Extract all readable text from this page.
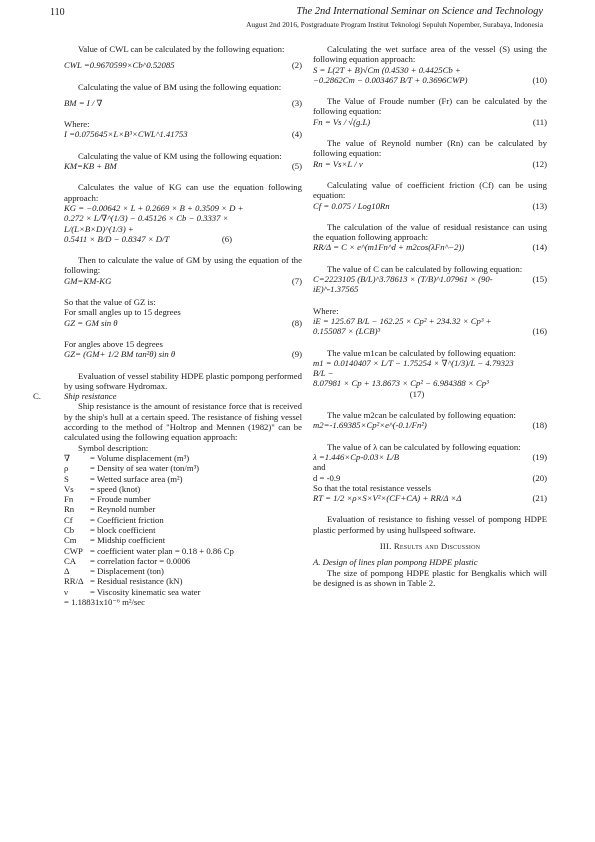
110	The 2nd International Seminar on Science and Technology
August 2nd 2016, Postgraduate Program Institut Teknologi Sepuluh Nopember, Surabaya, Indonesia

Value of CWL can be calculated by the following equation:

CWL =0.9670599×Cb^0.52085	(2)

Calculating the value of BM using the following equation:

BM = I / ∇	(3)

Where:

I =0.075645×L×B³×CWL^1.41753	(4)

Calculating the value of KM using the following equation:

KM=KB + BM	(5)

Calculates the value of KG can use the equation following approach:

KG = −0.00642 × L + 0.2669 × B + 0.3509 × D +
0.272 × L/∇^(1/3) − 0.45126 × Cb − 0.3337 × L/(L×B×D)^(1/3) +
0.5411 × B/D − 0.8347 × D/T	(6)

Then to calculate the value of GM by using the equation of the following:

GM=KM-KG	(7)

So that the value of GZ is:

For small angles up to 15 degrees

GZ = GM sin θ	(8)

For angles above 15 degrees

GZ= (GM+ 1/2 BM tan²θ) sin θ	(9)

Evaluation of vessel stability HDPE plastic pompong performed by using software Hydromax.

C.	Ship resistance

Ship resistance is the amount of resistance force that is received by the ship's hull at a certain speed. The resistance of fishing vessel according to the method of "Holtrop and Mennen (1982)" can be calculated using the following equation approach:

Symbol description:

∇	= Volume displacement (m³)
ρ	= Density of sea water (ton/m³)
S	= Wetted surface area (m²)
Vs	= speed (knot)
Fn	= Froude number
Rn	= Reynold number
Cf	= Coefficient friction
Cb	= block coefficient
Cm	= Midship coefficient
CWP = coefficient water plan = 0.18 + 0.86 Cp
CA	= correlation factor = 0.0006
Δ	= Displacement (ton)
RR/Δ = Residual resistance (kN)
ν	= Viscosity kinematic sea water
= 1.18831x10⁻⁶ m²/sec

Calculating the wet surface area of the vessel (S) using the following equation approach:

S = L(2T + B)√Cm (0.4530 + 0.4425Cb +
−0.2862Cm − 0.003467 B/T + 0.3696CWP)	(10)

The Value of Froude number (Fr) can be calculated by the following equation:

Fn = Vs / √(g.L)	(11)

The value of Reynold number (Rn) can be calculated by following equation:

Rn = Vs×L / ν	(12)

Calculating value of coefficient friction (Cf) can be using equation:

Cf = 0.075 / Log10Rn	(13)

The calculation of the value of residual resistance can using the equation following approach:

RR/Δ = C × e^(m1Fn^d + m2cos(λFn^−2))	(14)

The value of C can be calculated by following equation:

C=2223105 (B/L)^3.78613 × (T/B)^1.07961 × (90-iE)^-1.37565
(15)

Where:

iE = 125.67 B/L − 162.25 × Cp² + 234.32 × Cp³ +
0.155087 × (LCB)³	(16)

The value m1can be calculated by following equation:

m1 = 0.0140407 × L/T − 1.75254 × ∇^(1/3)/L − 4.79323 B/L −
8.07981 × Cp + 13.8673 × Cp² − 6.984388 × Cp³
(17)

The value m2can be calculated by following equation:

m2=-1.69385×Cp²×e^(-0.1/Fn²)	(18)

The value of λ can be calculated by following equation:

λ =1.446×Cp-0.03× L/B	(19)

and

d = -0.9	(20)

So that the total resistance vessels

RT = 1/2 ×ρ×S×V²×(CF+CA) + RR/Δ ×Δ	(21)

Evaluation of resistance to fishing vessel of pompong HDPE plastic performed by using hullspeed software.

III. Results and Discussion

A. Design of lines plan pompong HDPE plastic

The size of pompong HDPE plastic for Bengkalis which will be designed is as shown in Table 2.
